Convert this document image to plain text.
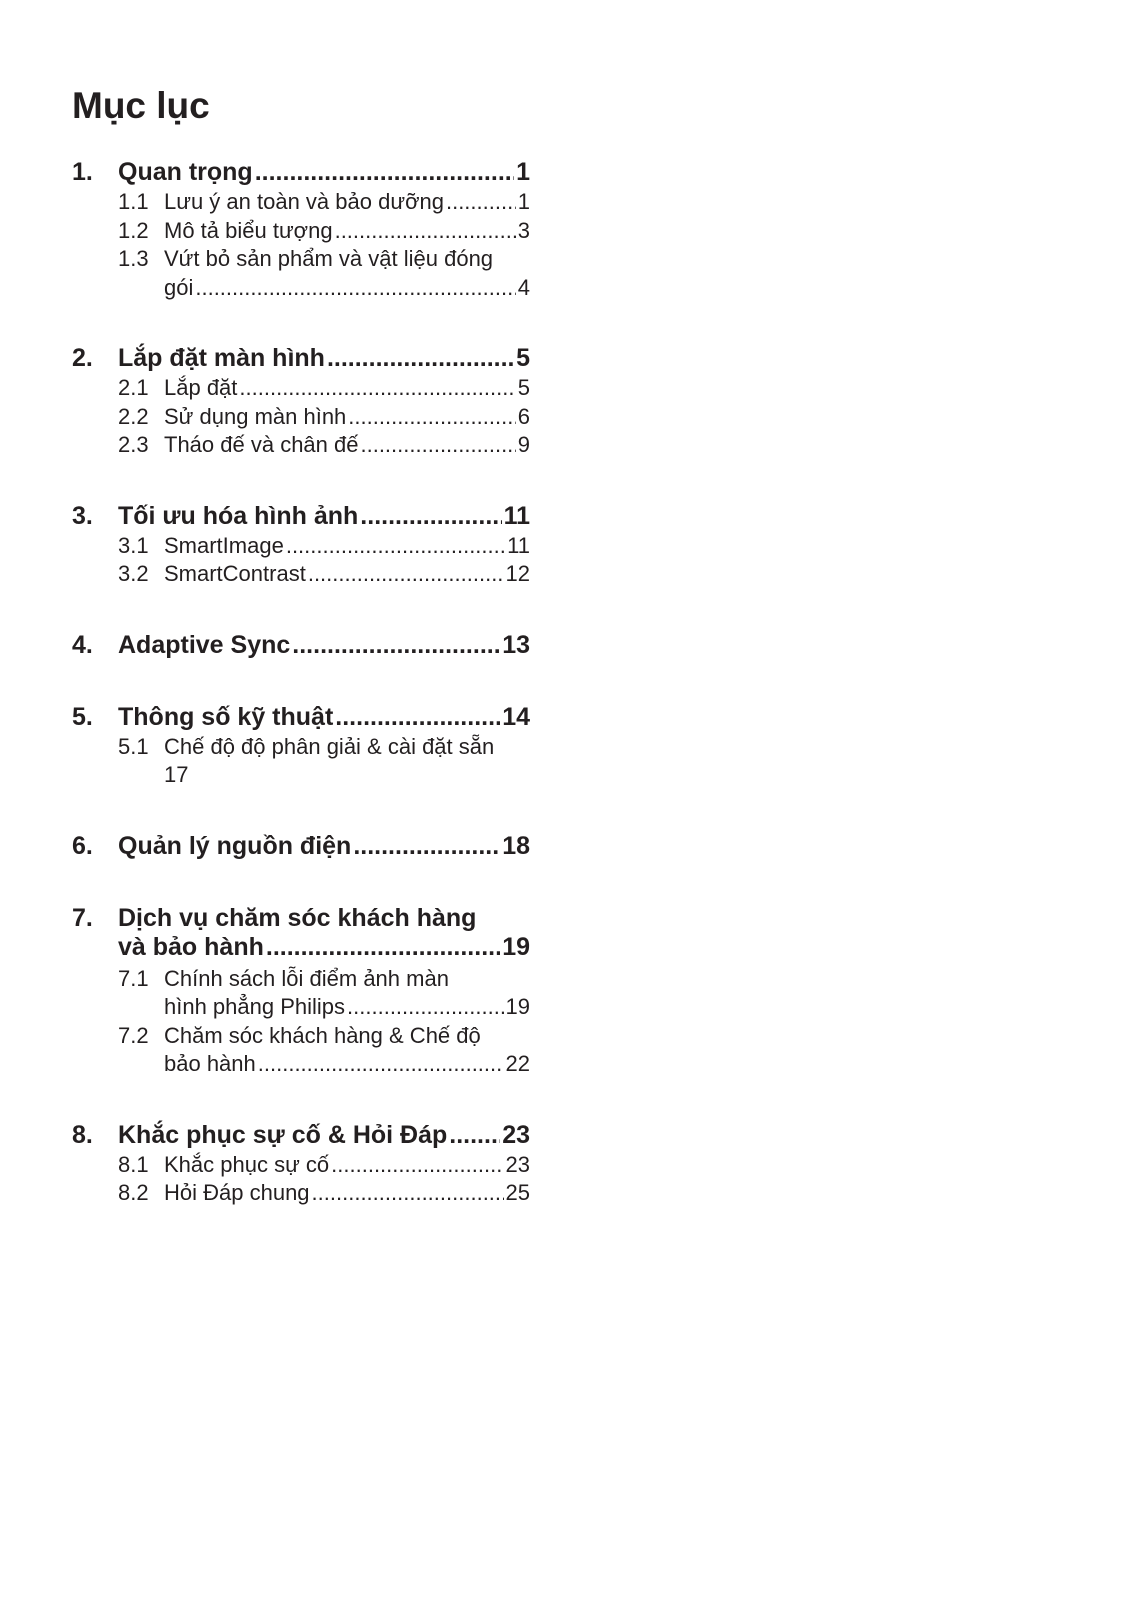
Mục lục
1. Quan trọng .....	1
1.1 Lưu ý an toàn và bảo dưỡng .....	1
1.2 Mô tả biểu tượng .....	3
1.3 Vứt bỏ sản phẩm và vật liệu đóng
gói .....	4
2. Lắp đặt màn hình .....	5
2.1 Lắp đặt .....	5
2.2 Sử dụng màn hình .....	6
2.3 Tháo đế và chân đế .....	9
3. Tối ưu hóa hình ảnh .....	11
3.1 SmartImage .....	11
3.2 SmartContrast .....	12
4. Adaptive Sync .....	13
5. Thông số kỹ thuật .....	14
5.1 Chế độ độ phân giải & cài đặt sẵn
17
6. Quản lý nguồn điện .....	18
7. Dịch vụ chăm sóc khách hàng
và bảo hành .....	19
7.1 Chính sách lỗi điểm ảnh màn
hình phẳng Philips .....	19
7.2 Chăm sóc khách hàng & Chế độ
bảo hành .....	22
8. Khắc phục sự cố & Hỏi Đáp ..... 23
8.1 Khắc phục sự cố .....	23
8.2 Hỏi Đáp chung .....	25
